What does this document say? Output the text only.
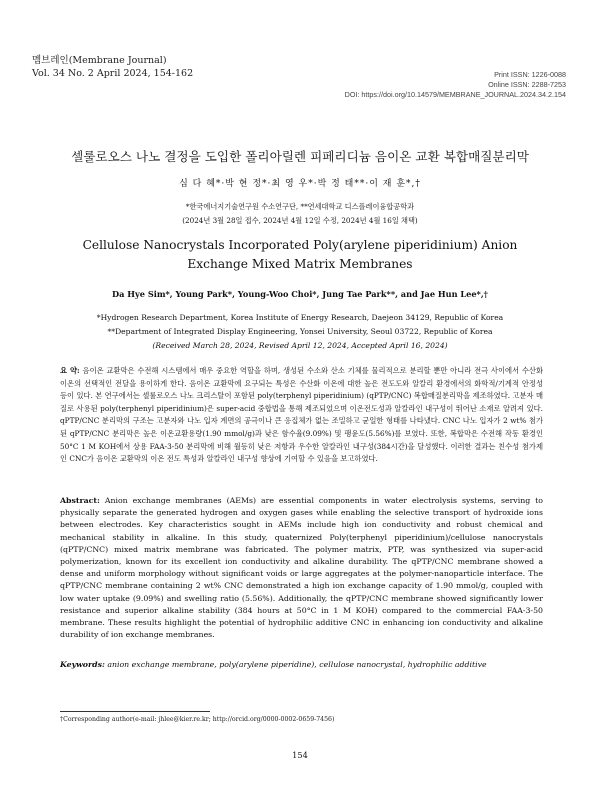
멤브레인(Membrane Journal)
Vol. 34 No. 2 April 2024, 154-162	Print ISSN: 1226-0088
Online ISSN: 2288-7253
DOI: https://doi.org/10.14579/MEMBRANE_JOURNAL.2024.34.2.154
셀룰로오스 나노 결정을 도입한 폴리아릴렌 피페리디늄 음이온 교환 복합매질분리막
심 다 혜*·박 현 정*·최 영 우*·박 정 태**·이 재 훈*,†
*한국에너지기술연구원 수소연구단, **연세대학교 디스플레이융합공학과
(2024년 3월 28일 접수, 2024년 4월 12일 수정, 2024년 4월 16일 채택)
Cellulose Nanocrystals Incorporated Poly(arylene piperidinium) Anion Exchange Mixed Matrix Membranes
Da Hye Sim*, Young Park*, Young-Woo Choi*, Jung Tae Park**, and Jae Hun Lee*,†
*Hydrogen Research Department, Korea Institute of Energy Research, Daejeon 34129, Republic of Korea
**Department of Integrated Display Engineering, Yonsei University, Seoul 03722, Republic of Korea
(Received March 28, 2024, Revised April 12, 2024, Accepted April 16, 2024)
요 약: 음이온 교환막은 수전해 시스템에서 매우 중요한 역할을 하며, 생성된 수소와 산소 기체를 물리적으로 분리할 뿐만 아니라 전극 사이에서 수산화 이온의 선택적인 전달을 용이하게 한다. 음이온 교환막에 요구되는 특성은 수산화 이온에 대한 높은 전도도와 알칼리 환경에서의 화학적/기계적 안정성 등이 있다. 본 연구에서는 셀룰로오스 나노 크리스탈이 포함된 poly(terphenyl piperidinium) (qPTP/CNC) 복합매질분리막을 제조하였다. 고분자 매질로 사용된 poly(terphenyl piperidinium)은 super-acid 중합법을 통해 제조되었으며 이온전도성과 알칼라인 내구성이 뛰어난 소재로 알려져 있다. qPTP/CNC 분리막의 구조는 고분자와 나노 입자 계면의 공극이나 큰 응집체가 없는 조밀하고 균일한 형태를 나타냈다. CNC 나노 입자가 2 wt% 첨가된 qPTP/CNC 분리막은 높은 이온교환용량(1.90 mmol/g)과 낮은 함수율(9.09%) 및 팽윤도(5.56%)를 보였다. 또한, 복합막은 수전해 작동 환경인 50°C 1 M KOH에서 상용 FAA-3-50 분리막에 비해 월등히 낮은 저항과 우수한 알칼라인 내구성(384시간)을 달성했다. 이러한 결과는 친수성 첨가제인 CNC가 음이온 교환막의 이온 전도 특성과 알칼라인 내구성 향상에 기여할 수 있음을 보고하였다.
Abstract: Anion exchange membranes (AEMs) are essential components in water electrolysis systems, serving to physically separate the generated hydrogen and oxygen gases while enabling the selective transport of hydroxide ions between electrodes. Key characteristics sought in AEMs include high ion conductivity and robust chemical and mechanical stability in alkaline. In this study, quaternized Poly(terphenyl piperidinium)/cellulose nanocrystals (qPTP/CNC) mixed matrix membrane was fabricated. The polymer matrix, PTP, was synthesized via super-acid polymerization, known for its excellent ion conductivity and alkaline durability. The qPTP/CNC membrane showed a dense and uniform morphology without significant voids or large aggregates at the polymer-nanoparticle interface. The qPTP/CNC membrane containing 2 wt% CNC demonstrated a high ion exchange capacity of 1.90 mmol/g, coupled with low water uptake (9.09%) and swelling ratio (5.56%). Additionally, the qPTP/CNC membrane showed significantly lower resistance and superior alkaline stability (384 hours at 50°C in 1 M KOH) compared to the commercial FAA-3-50 membrane. These results highlight the potential of hydrophilic additive CNC in enhancing ion conductivity and alkaline durability of ion exchange membranes.
Keywords: anion exchange membrane, poly(arylene piperidine), cellulose nanocrystal, hydrophilic additive
†Corresponding author(e-mail: jhlee@kier.re.kr; http://orcid.org/0000-0002-0659-7456)
154
